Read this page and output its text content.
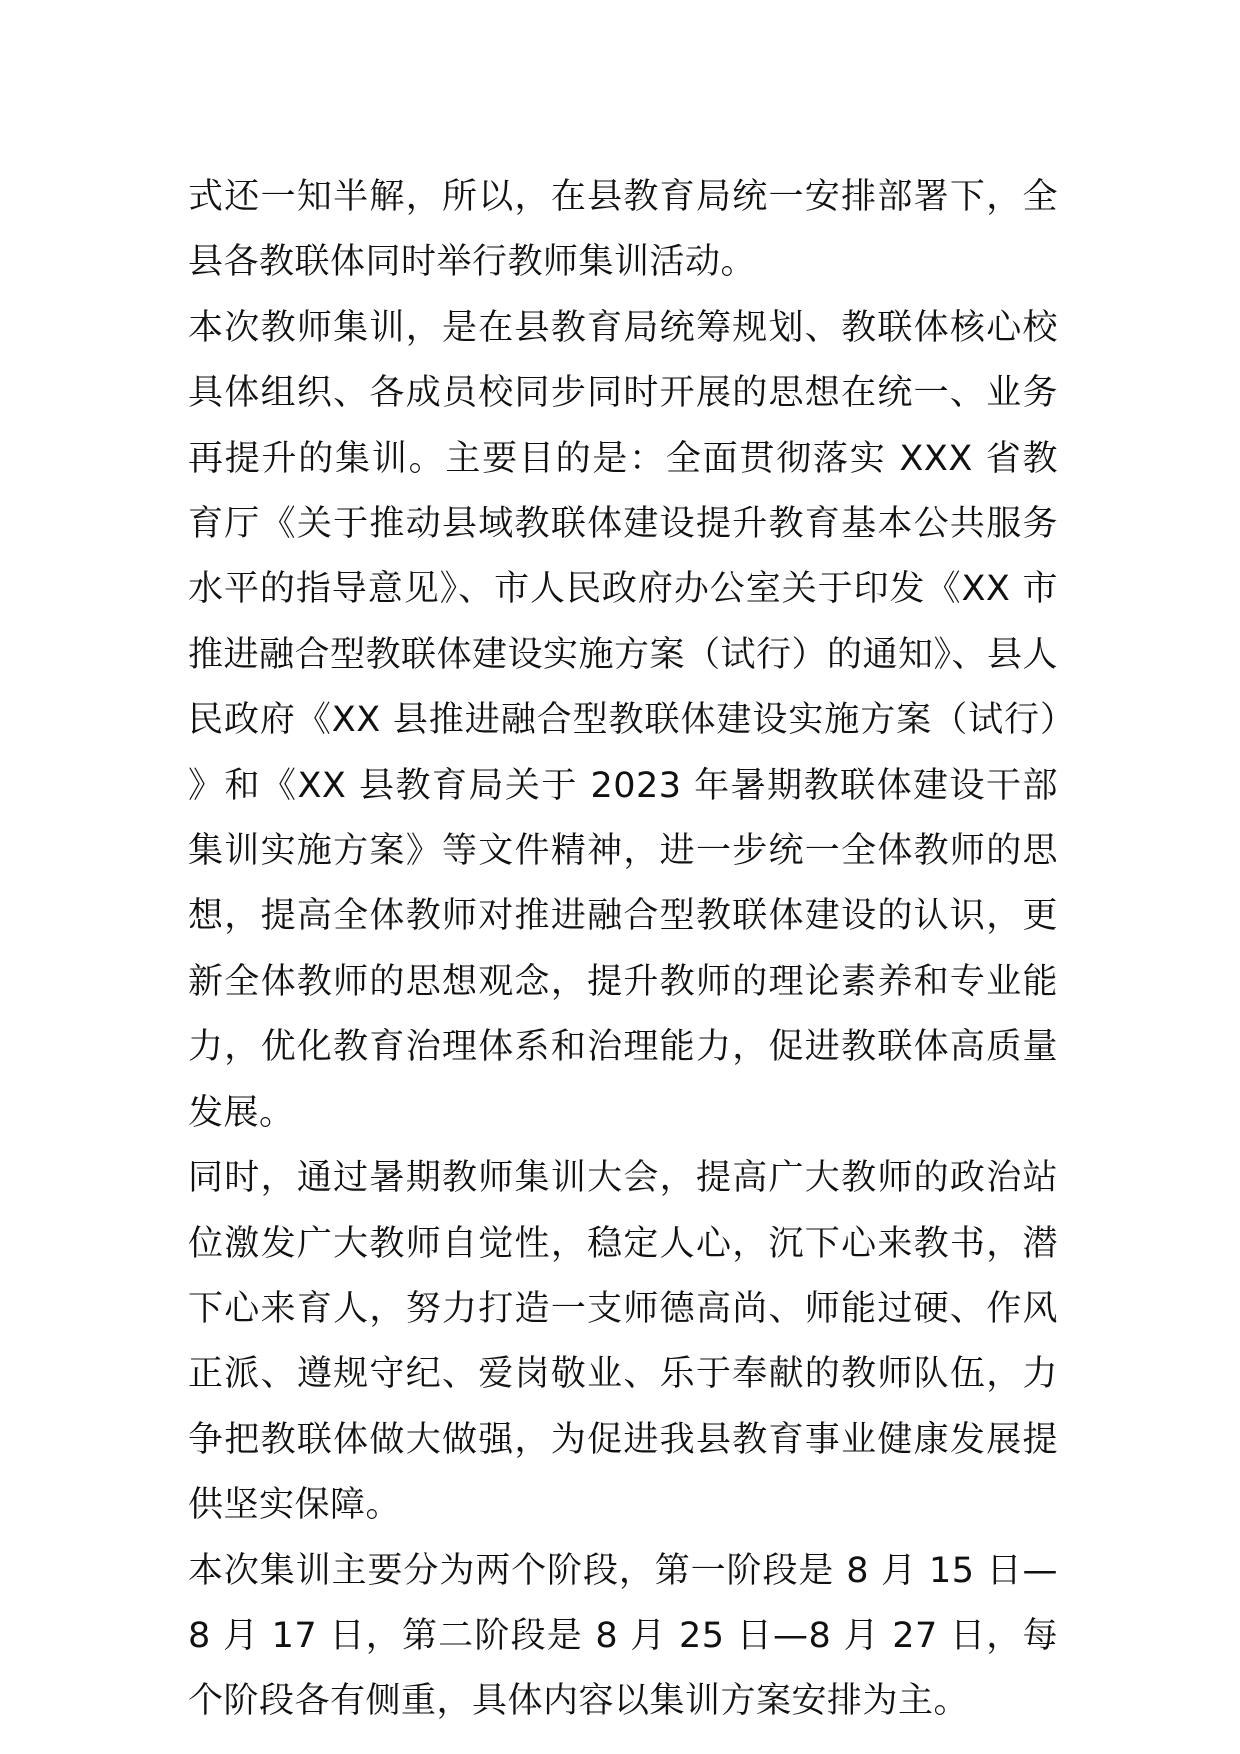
式还一知半解，所以，在县教育局统一安排部署下，全县各教联体同时举行教师集训活动。

本次教师集训，是在县教育局统筹规划、教联体核心校具体组织、各成员校同步同时开展的思想在统一、业务再提升的集训。主要目的是：全面贯彻落实 XXX 省教育厅《关于推动县域教联体建设提升教育基本公共服务水平的指导意见》、市人民政府办公室关于印发《XX 市推进融合型教联体建设实施方案（试行）的通知》、县人民政府《XX 县推进融合型教联体建设实施方案（试行）》和《XX 县教育局关于 2023 年暑期教联体建设干部集训实施方案》等文件精神，进一步统一全体教师的思想，提高全体教师对推进融合型教联体建设的认识，更新全体教师的思想观念，提升教师的理论素养和专业能力，优化教育治理体系和治理能力，促进教联体高质量发展。

同时，通过暑期教师集训大会，提高广大教师的政治站位激发广大教师自觉性，稳定人心，沉下心来教书，潜下心来育人，努力打造一支师德高尚、师能过硬、作风正派、遵规守纪、爱岗敬业、乐于奉献的教师队伍，力争把教联体做大做强，为促进我县教育事业健康发展提供坚实保障。

本次集训主要分为两个阶段，第一阶段是 8 月 15 日—8 月 17 日，第二阶段是 8 月 25 日—8 月 27 日，每个阶段各有侧重，具体内容以集训方案安排为主。
